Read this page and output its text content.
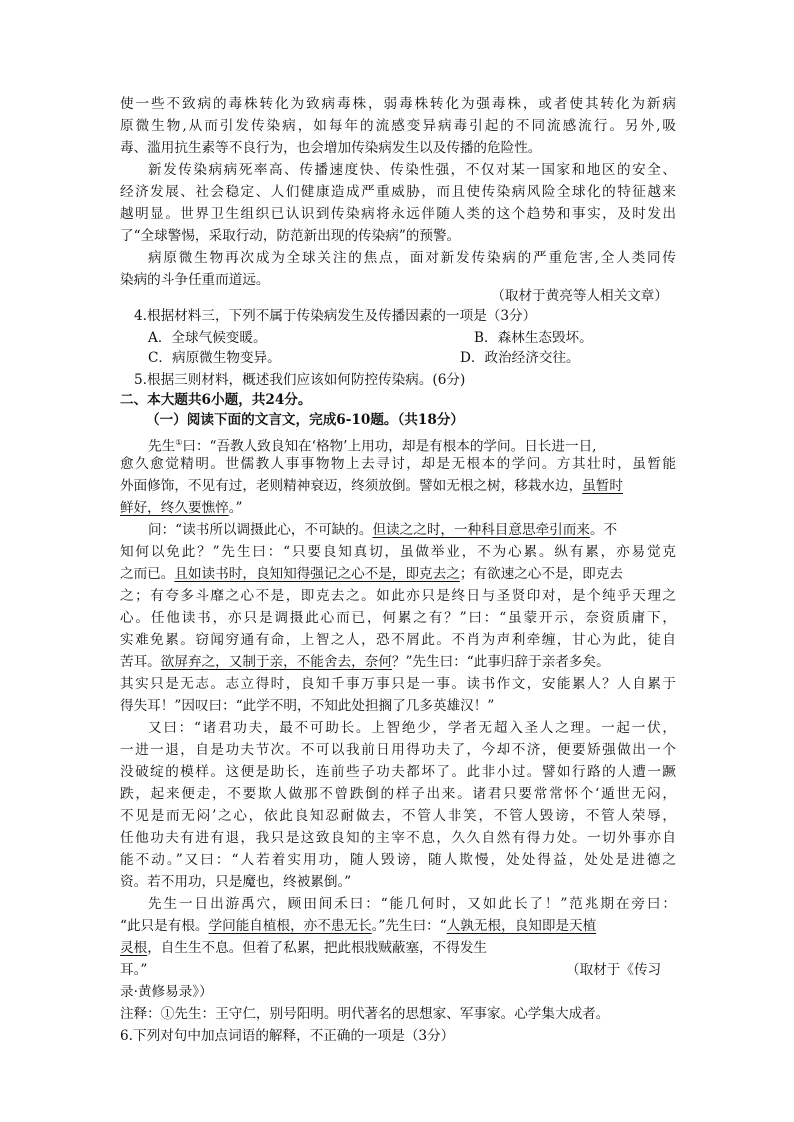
使一些不致病的毒株转化为致病毒株，弱毒株转化为强毒株，或者使其转化为新病
原微生物,从而引发传染病，如每年的流感变异病毒引起的不同流感流行。另外,吸
毒、滥用抗生素等不良行为，也会增加传染病发生以及传播的危险性。
新发传染病病死率高、传播速度快、传染性强，不仅对某一国家和地区的安全、
经济发展、社会稳定、人们健康造成严重威胁，而且使传染病风险全球化的特征越来
越明显。世界卫生组织已认识到传染病将永远伴随人类的这个趋势和事实，及时发出
了“全球警惕，采取行动，防范新出现的传染病”的预警。
病原微生物再次成为全球关注的焦点，面对新发传染病的严重危害,全人类同传
染病的斗争任重而道远。
（取材于黄亮等人相关文章）
4.根据材料三，下列不属于传染病发生及传播因素的一项是（3分）
A．全球气候变暖。	B．森林生态毁坏。
C．病原微生物变异。	D．政治经济交往。
5.根据三则材料，概述我们应该如何防控传染病。(6分)
二、本大题共6小题，共24分。
（一）阅读下面的文言文，完成6-10题。（共18分）
先生①曰：“吾教人致良知在‘格物’上用功，却是有根本的学问。日长进一日,
愈久愈觉精明。世儒教人事事物物上去寻讨，却是无根本的学问。方其壮时，虽暂能
外面修饰，不见有过，老则精神衰迈，终须放倒。譬如无根之树，移栽水边，虽暂时
鲜好，终久要憔悴。”
问：“读书所以调摄此心，不可缺的。但读之之时，一种科目意思牵引而来。不
知何以免此？”先生曰：“只要良知真切，虽做举业，不为心累。纵有累，亦易觉克
之而已。且如读书时，良知知得强记之心不是，即克去之；有欲速之心不是，即克去
之；有夸多斗靡之心不是，即克去之。如此亦只是终日与圣贤印对，是个纯乎天理之
心。任他读书，亦只是调摄此心而已，何累之有？”曰：“虽蒙开示，奈资质庸下，
实难免累。窃闻穷通有命，上智之人，恐不屑此。不肖为声利牵缠，甘心为此，徒自
苦耳。欲屏弃之，又制于亲，不能舍去，奈何？”先生曰：“此事归辞于亲者多矣。
其实只是无志。志立得时，良知千事万事只是一事。读书作文，安能累人？人自累于
得失耳！”因叹曰：“此学不明，不知此处担搁了几多英雄汉！”
又曰：“诸君功夫，最不可助长。上智绝少，学者无超入圣人之理。一起一伏，
一进一退，自是功夫节次。不可以我前日用得功夫了，今却不济，便要矫强做出一个
没破绽的模样。这便是助长，连前些子功夫都坏了。此非小过。譬如行路的人遭一蹶
跌，起来便走，不要欺人做那不曾跌倒的样子出来。诸君只要常常怀个‘遁世无闷，
不见是而无闷’之心，依此良知忍耐做去，不管人非笑，不管人毁谤，不管人荣辱，
任他功夫有进有退，我只是这致良知的主宰不息，久久自然有得力处。一切外事亦自
能不动。”又曰：“人若着实用功，随人毁谤，随人欺慢，处处得益，处处是进德之
资。若不用功，只是魔也，终被累倒。”
先生一日出游禹穴，顾田间禾曰：“能几何时，又如此长了！”范兆期在旁曰：
“此只是有根。学问能自植根，亦不患无长。”先生曰：“人孰无根，良知即是天植
灵根，自生生不息。但着了私累，把此根戕贼蔽塞，不得发生
耳。”	（取材于《传习
录·黄修易录》）
注释：①先生：王守仁，别号阳明。明代著名的思想家、军事家。心学集大成者。
6.下列对句中加点词语的解释，不正确的一项是（3分）
